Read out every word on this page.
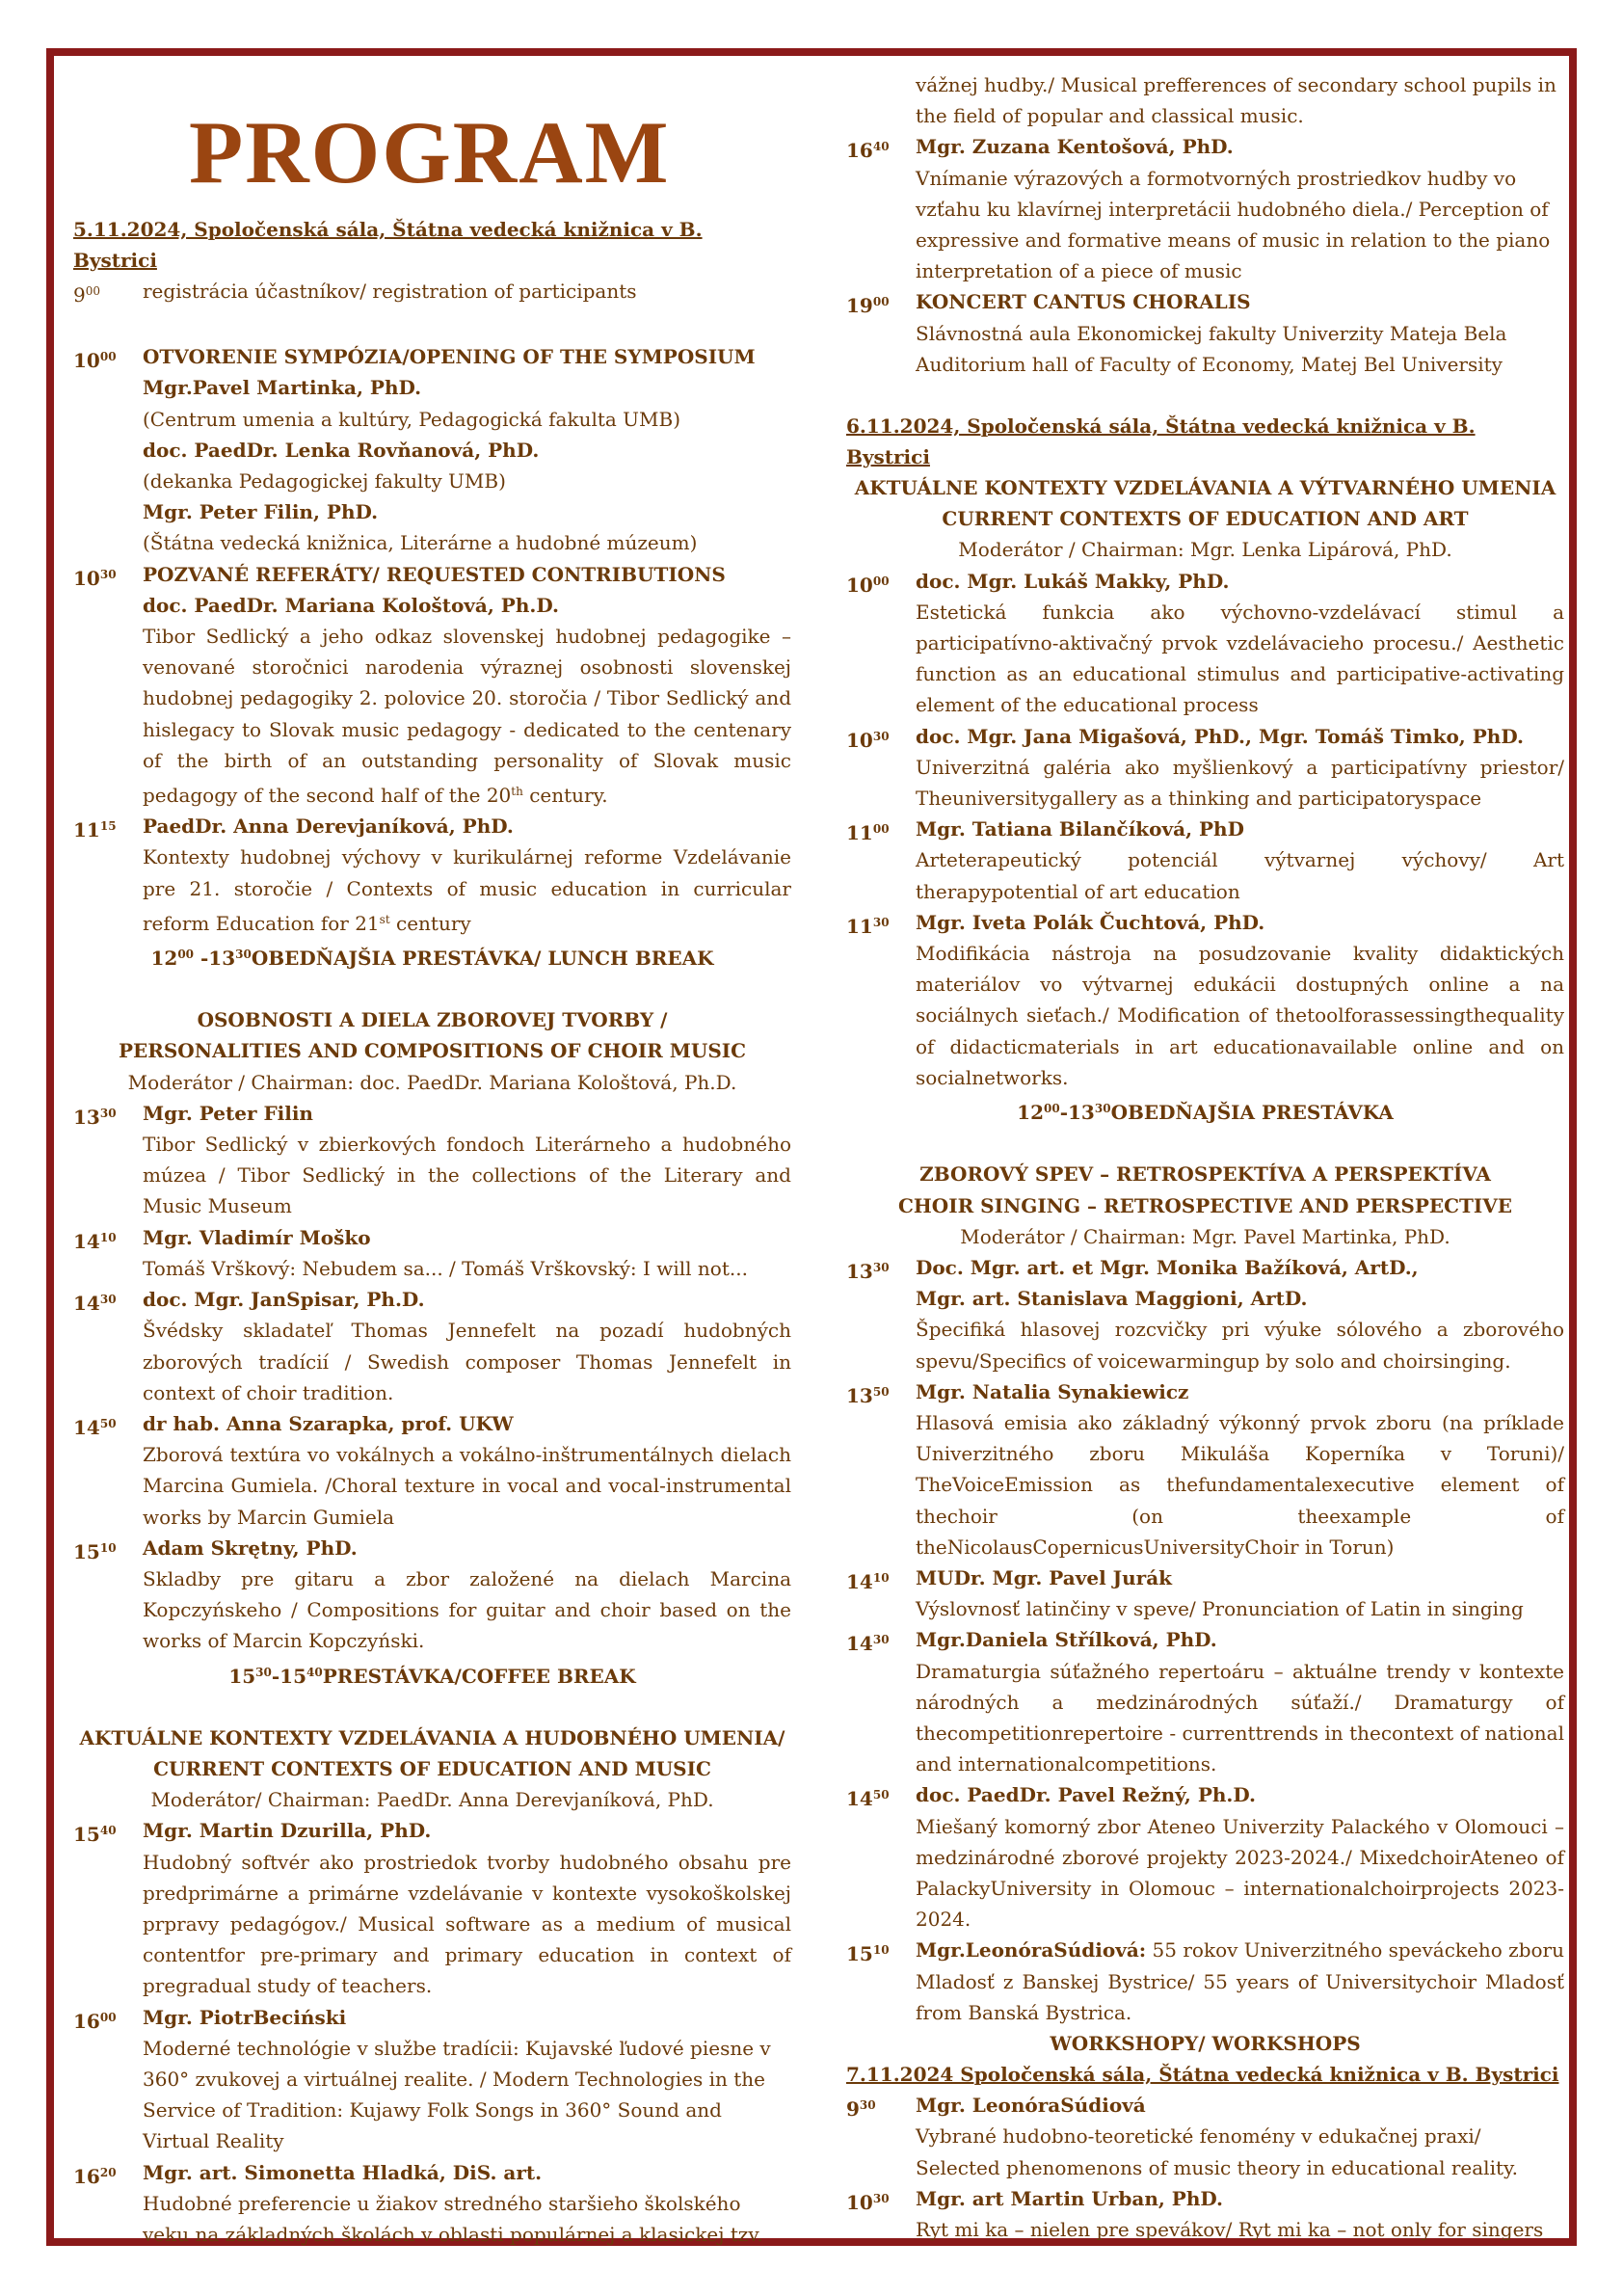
PROGRAM
5.11.2024, Spoločenská sála, Štátna vedecká knižnica v B. Bystrici
$9^{00}$	registrácia účastníkov/ registration of participants
$10^{00}$	OTVORENIE SYMPÓZIA/OPENING OF THE SYMPOSIUM
Mgr.Pavel Martinka, PhD.
(Centrum umenia a kultúry, Pedagogická fakulta UMB)
doc. PaedDr. Lenka Rovňanová, PhD.
(dekanka Pedagogickej fakulty UMB)
Mgr. Peter Filin, PhD.
(Štátna vedecká knižnica, Literárne a hudobné múzeum)
$10^{30}$	POZVANÉ REFERÁTY/ REQUESTED CONTRIBUTIONS
doc. PaedDr. Mariana Kološtová, Ph.D.
Tibor Sedlický a jeho odkaz slovenskej hudobnej pedagogike – venované storočnici narodenia výraznej osobnosti slovenskej hudobnej pedagogiky 2. polovice 20. storočia / Tibor Sedlický and hislegacy to Slovak music pedagogy - dedicated to the centenary of the birth of an outstanding personality of Slovak music pedagogy of the second half of the 20th century.
$11^{15}$	PaedDr. Anna Derevjaníková, PhD.
Kontexty hudobnej výchovy v kurikulárnej reforme Vzdelávanie pre 21. storočie / Contexts of music education in curricular reform Education for 21st century
$12^{00}$ $-13^{30}OBEDŇAJŠIA$ PRESTÁVKA/ LUNCH BREAK
OSOBNOSTI A DIELA ZBOROVEJ TVORBY /
PERSONALITIES AND COMPOSITIONS OF CHOIR MUSIC
Moderátor / Chairman: doc. PaedDr. Mariana Kološtová, Ph.D.
$13^{30}$	Mgr. Peter Filin
Tibor Sedlický v zbierkových fondoch Literárneho a hudobného múzea / Tibor Sedlický in the collections of the Literary and Music Museum
$14^{10}$	Mgr. Vladimír Moško
Tomáš Vrškový: Nebudem sa... / Tomáš Vrškovský: I will not...
$14^{30}$	doc. Mgr. JanSpisar, Ph.D.
Švédsky skladateľ Thomas Jennefelt na pozadí hudobných zborových tradícií / Swedish composer Thomas Jennefelt in context of choir tradition.
$14^{50}$	dr hab. Anna Szarapka, prof. UKW
Zborová textúra vo vokálnych a vokálno-inštrumentálnych dielach Marcina Gumiela. /Choral texture in vocal and vocal-instrumental works by Marcin Gumiela
$15^{10}$	Adam Skrętny, PhD.
Skladby pre gitaru a zbor založené na dielach Marcina Kopczyńskeho / Compositions for guitar and choir based on the works of Marcin Kopczyński.
$15^{30}-15^{40}PRESTÁVKA$/COFFEE BREAK
AKTUÁLNE KONTEXTY VZDELÁVANIA A HUDOBNÉHO UMENIA/
CURRENT CONTEXTS OF EDUCATION AND MUSIC
Moderátor/ Chairman: PaedDr. Anna Derevjaníková, PhD.
$15^{40}$	Mgr. Martin Dzurilla, PhD.
Hudobný softvér ako prostriedok tvorby hudobného obsahu pre predprimárne a primárne vzdelávanie v kontexte vysokoškolskej prpravy pedagógov./ Musical software as a medium of musical contentfor pre-primary and primary education in context of pregradual study of teachers.
$16^{00}$	Mgr. PiotrBeciński
Moderné technológie v službe tradícii: Kujavské ľudové piesne v 360° zvukovej a virtuálnej realite. / Modern Technologies in the Service of Tradition: Kujawy Folk Songs in 360° Sound and Virtual Reality
$16^{20}$	Mgr. art. Simonetta Hladká, DiS. art.
Hudobné preferencie u žiakov stredného staršieho školského veku na základných školách v oblasti populárnej a klasickej tzv.
vážnej hudby./ Musical prefferences of secondary school pupils in the field of popular and classical music.
$16^{40}$	Mgr. Zuzana Kentošová, PhD.
Vnímanie výrazových a formotvorných prostriedkov hudby vo vzťahu ku klavírnej interpretácii hudobného diela./ Perception of expressive and formative means of music in relation to the piano interpretation of a piece of music
$19^{00}$	KONCERT CANTUS CHORALIS
Slávnostná aula Ekonomickej fakulty Univerzity Mateja Bela Auditorium hall of Faculty of Economy, Matej Bel University
6.11.2024, Spoločenská sála, Štátna vedecká knižnica v B. Bystrici
AKTUÁLNE KONTEXTY VZDELÁVANIA A VÝTVARNÉHO UMENIA
CURRENT CONTEXTS OF EDUCATION AND ART
Moderátor / Chairman: Mgr. Lenka Lipárová, PhD.
$10^{00}$	doc. Mgr. Lukáš Makky, PhD.
Estetická funkcia ako výchovno-vzdelávací stimul a participatívno-aktivačný prvok vzdelávacieho procesu./ Aesthetic function as an educational stimulus and participative-activating element of the educational process
$10^{30}$	doc. Mgr. Jana Migašová, PhD., Mgr. Tomáš Timko, PhD.
Univerzitná galéria ako myšlienkový a participatívny priestor/ Theuniversitygallery as a thinking and participatoryspace
$11^{00}$	Mgr. Tatiana Bilančíková, PhD
Arteterapeutický potenciál výtvarnej výchovy/ Art therapypotential of art education
$11^{30}$	Mgr. Iveta Polák Čuchtová, PhD.
Modifikácia nástroja na posudzovanie kvality didaktických materiálov vo výtvarnej edukácii dostupných online a na sociálnych sieťach./ Modification of thetoolforassessingthequality of didacticmaterials in art educationavailable online and on socialnetworks.
$12^{00}-13^{30}OBEDŇAJŠIA$ PRESTÁVKA
ZBOROVÝ SPEV – RETROSPEKTÍVA A PERSPEKTÍVA
CHOIR SINGING – RETROSPECTIVE AND PERSPECTIVE
Moderátor / Chairman: Mgr. Pavel Martinka, PhD.
$13^{30}$	Doc. Mgr. art. et Mgr. Monika Bažíková, ArtD.,
Mgr. art. Stanislava Maggioni, ArtD.
Špecifiká hlasovej rozcvičky pri výuke sólového a zborového spevu/Specifics of voicewarmingup by solo and choirsinging.
$13^{50}$	Mgr. Natalia Synakiewicz
Hlasová emisia ako základný výkonný prvok zboru (na príklade Univerzitného zboru Mikuláša Koperníka v Toruni)/ TheVoiceEmission as thefundamentalexecutive element of thechoir (on theexample of theNicolausCopernicusUniversityChoir in Torun)
$14^{10}$	MUDr. Mgr. Pavel Jurák
Výslovnosť latinčiny v speve/ Pronunciation of Latin in singing
$14^{30}$	Mgr.Daniela Střílková, PhD.
Dramaturgia súťažného repertoáru – aktuálne trendy v kontexte národných a medzinárodných súťaží./ Dramaturgy of thecompetitionrepertoire - currenttrends in thecontext of national and internationalcompetitions.
$14^{50}$	doc. PaedDr. Pavel Režný, Ph.D.
Miešaný komorný zbor Ateneo Univerzity Palackého v Olomouci – medzinárodné zborové projekty 2023-2024./ MixedchoirAteneo of PalackyUniversity in Olomouc – internationalchoirprojects 2023-2024.
$15^{10}$	Mgr.LeonóraSúdiová: 55 rokov Univerzitného speváckeho zboru Mladosť z Banskej Bystrice/ 55 years of Universitychoir Mladosť from Banská Bystrica.
WORKSHOPY/ WORKSHOPS
7.11.2024 Spoločenská sála, Štátna vedecká knižnica v B. Bystrici
$9^{30}$	Mgr. LeonóraSúdiová
Vybrané hudobno-teoretické fenomény v edukačnej praxi/ Selected phenomenons of music theory in educational reality.
$10^{30}$	Mgr. art Martin Urban, PhD.
Ryt mi ka – nielen pre spevákov/ Ryt mi ka – not only for singers
